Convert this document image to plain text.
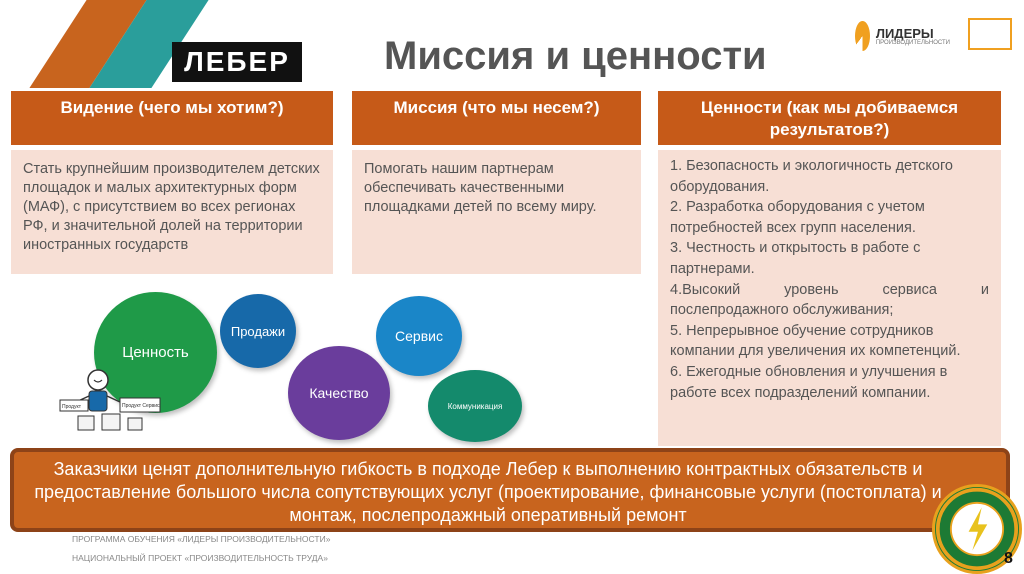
ЛЕБЕР Миссия и ценности
ЛИДЕРЫ
ПРОИЗВОДИТЕЛЬНОСТИ
Видение (чего мы хотим?)
Стать крупнейшим производителем детских площадок и малых архитектурных форм (МАФ), с присутствием во всех регионах РФ, и значительной долей на территории иностранных государств
Миссия (что мы несем?)
Помогать нашим партнерам обеспечивать качественными площадками детей по всему миру.
Ценности (как мы добиваемся результатов?)

1. Безопасность и экологичность детского оборудования.

2. Разработка оборудования с учетом потребностей всех групп населения.

3. Честность и открытость в работе с партнерами.

4.Высокий уровень сервиса и послепродажного обслуживания;

5. Непрерывное обучение сотрудников компании для увеличения их компетенций.

6. Ежегодные обновления и улучшения в работе всех подразделений компании.

Ценность
Продажи	Сервис
Качество
Коммуникация
Продукт	Продукт Сервис
Заказчики ценят дополнительную гибкость в подходе Лебер к выполнению контрактных обязательств и предоставление большого числа сопутствующих услуг (проектирование, финансовые услуги (постоплата) и монтаж, послепродажный оперативный ремонт
ПРОГРАММА ОБУЧЕНИЯ «ЛИДЕРЫ ПРОИЗВОДИТЕЛЬНОСТИ»
НАЦИОНАЛЬНЫЙ ПРОЕКТ «ПРОИЗВОДИТЕЛЬНОСТЬ ТРУДА»	8
